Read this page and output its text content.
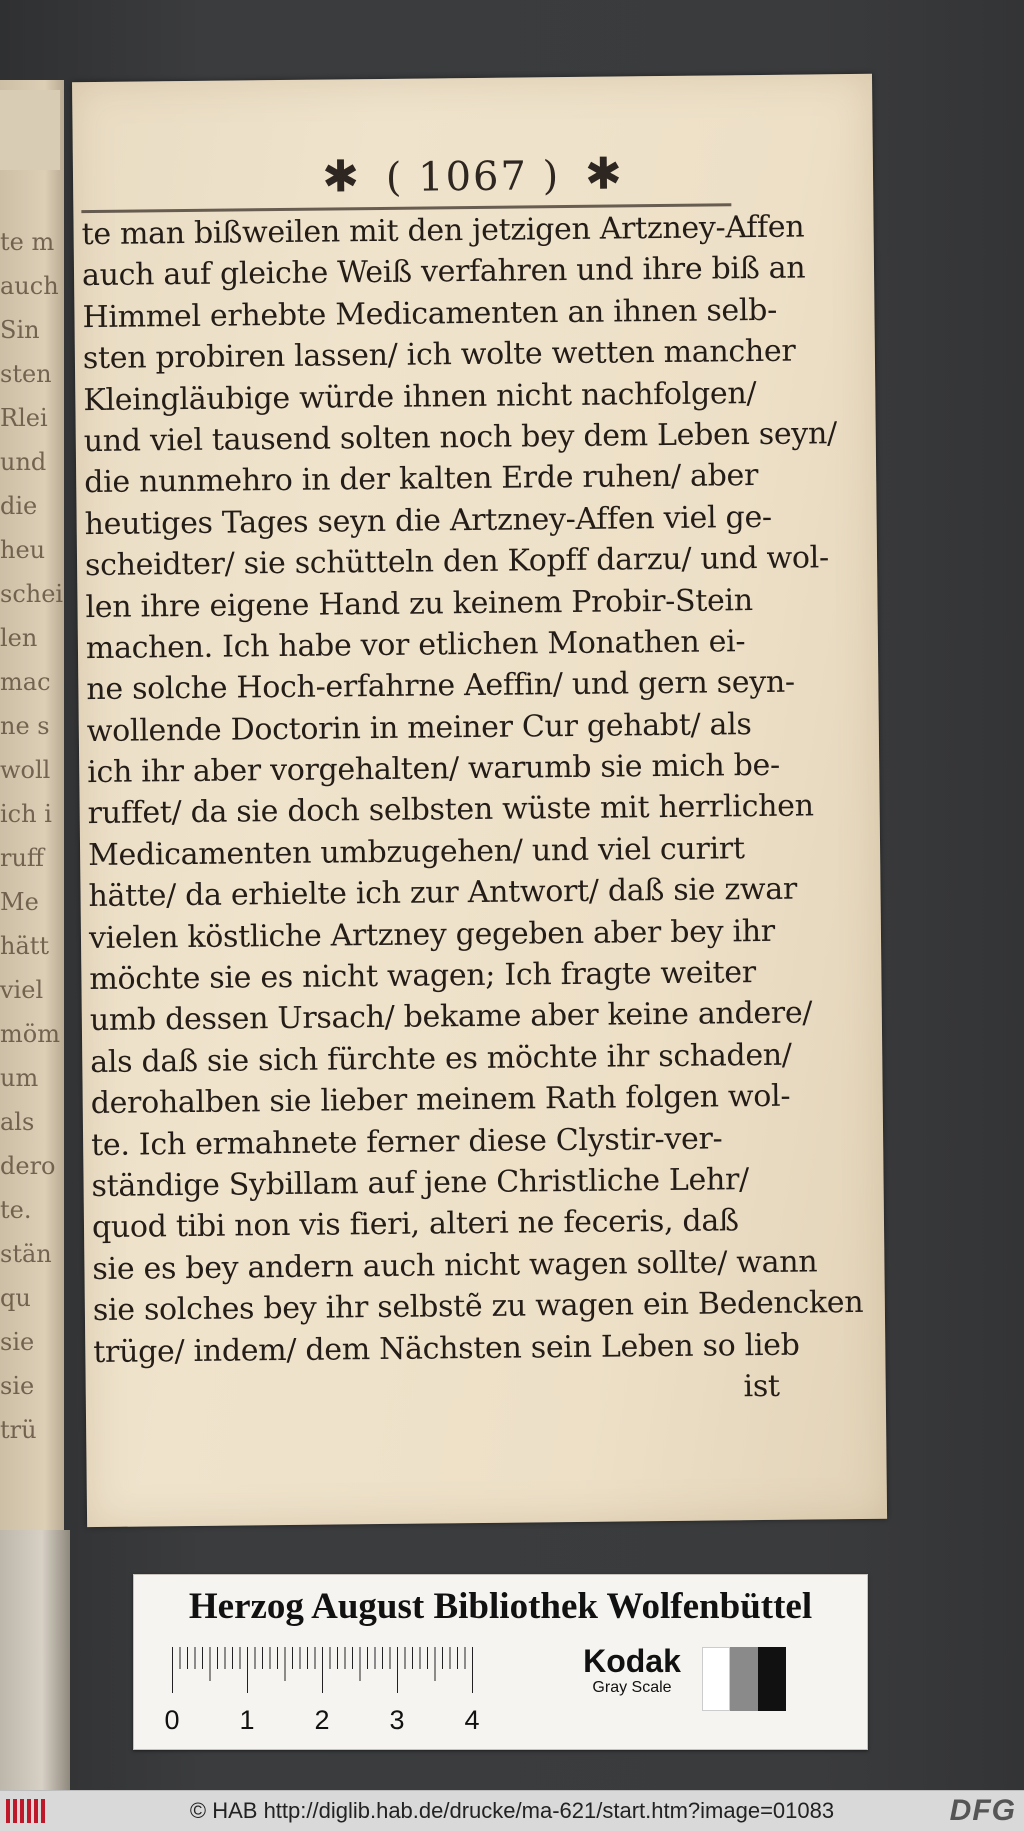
te m
auch
Sin
sten
Rlei
und
die
heu
schei
len
mac
ne s
woll
ich i
ruff
Me
hätt
viel
möm
um
als
dero
te.
stän
qu
sie
sie
trü
✱ ( 1067 ) ✱
te man bißweilen mit den jetzigen Artzney-Affen
auch auf gleiche Weiß verfahren und ihre biß an
Himmel erhebte Medicamenten an ihnen selb-
sten probiren lassen/ ich wolte wetten mancher
Kleingläubige würde ihnen nicht nachfolgen/
und viel tausend solten noch bey dem Leben seyn/
die nunmehro in der kalten Erde ruhen/ aber
heutiges Tages seyn die Artzney-Affen viel ge-
scheidter/ sie schütteln den Kopff darzu/ und wol-
len ihre eigene Hand zu keinem Probir-Stein
machen. Ich habe vor etlichen Monathen ei-
ne solche Hoch-erfahrne Aeffin/ und gern seyn-
wollende Doctorin in meiner Cur gehabt/ als
ich ihr aber vorgehalten/ warumb sie mich be-
ruffet/ da sie doch selbsten wüste mit herrlichen
Medicamenten umbzugehen/ und viel curirt
hätte/ da erhielte ich zur Antwort/ daß sie zwar
vielen köstliche Artzney gegeben aber bey ihr
möchte sie es nicht wagen; Ich fragte weiter
umb dessen Ursach/ bekame aber keine andere/
als daß sie sich fürchte es möchte ihr schaden/
derohalben sie lieber meinem Rath folgen wol-
te. Ich ermahnete ferner diese Clystir-ver-
ständige Sybillam auf jene Christliche Lehr/
quod tibi non vis fieri, alteri ne feceris, daß
sie es bey andern auch nicht wagen sollte/ wann
sie solches bey ihr selbstẽ zu wagen ein Bedencken
trüge/ indem/ dem Nächsten sein Leben so lieb
ist
Herzog August Bibliothek Wolfenbüttel
0 1 2 3 4
Kodak
Gray Scale
© HAB http://diglib.hab.de/drucke/ma-621/start.htm?image=01083	DFG
